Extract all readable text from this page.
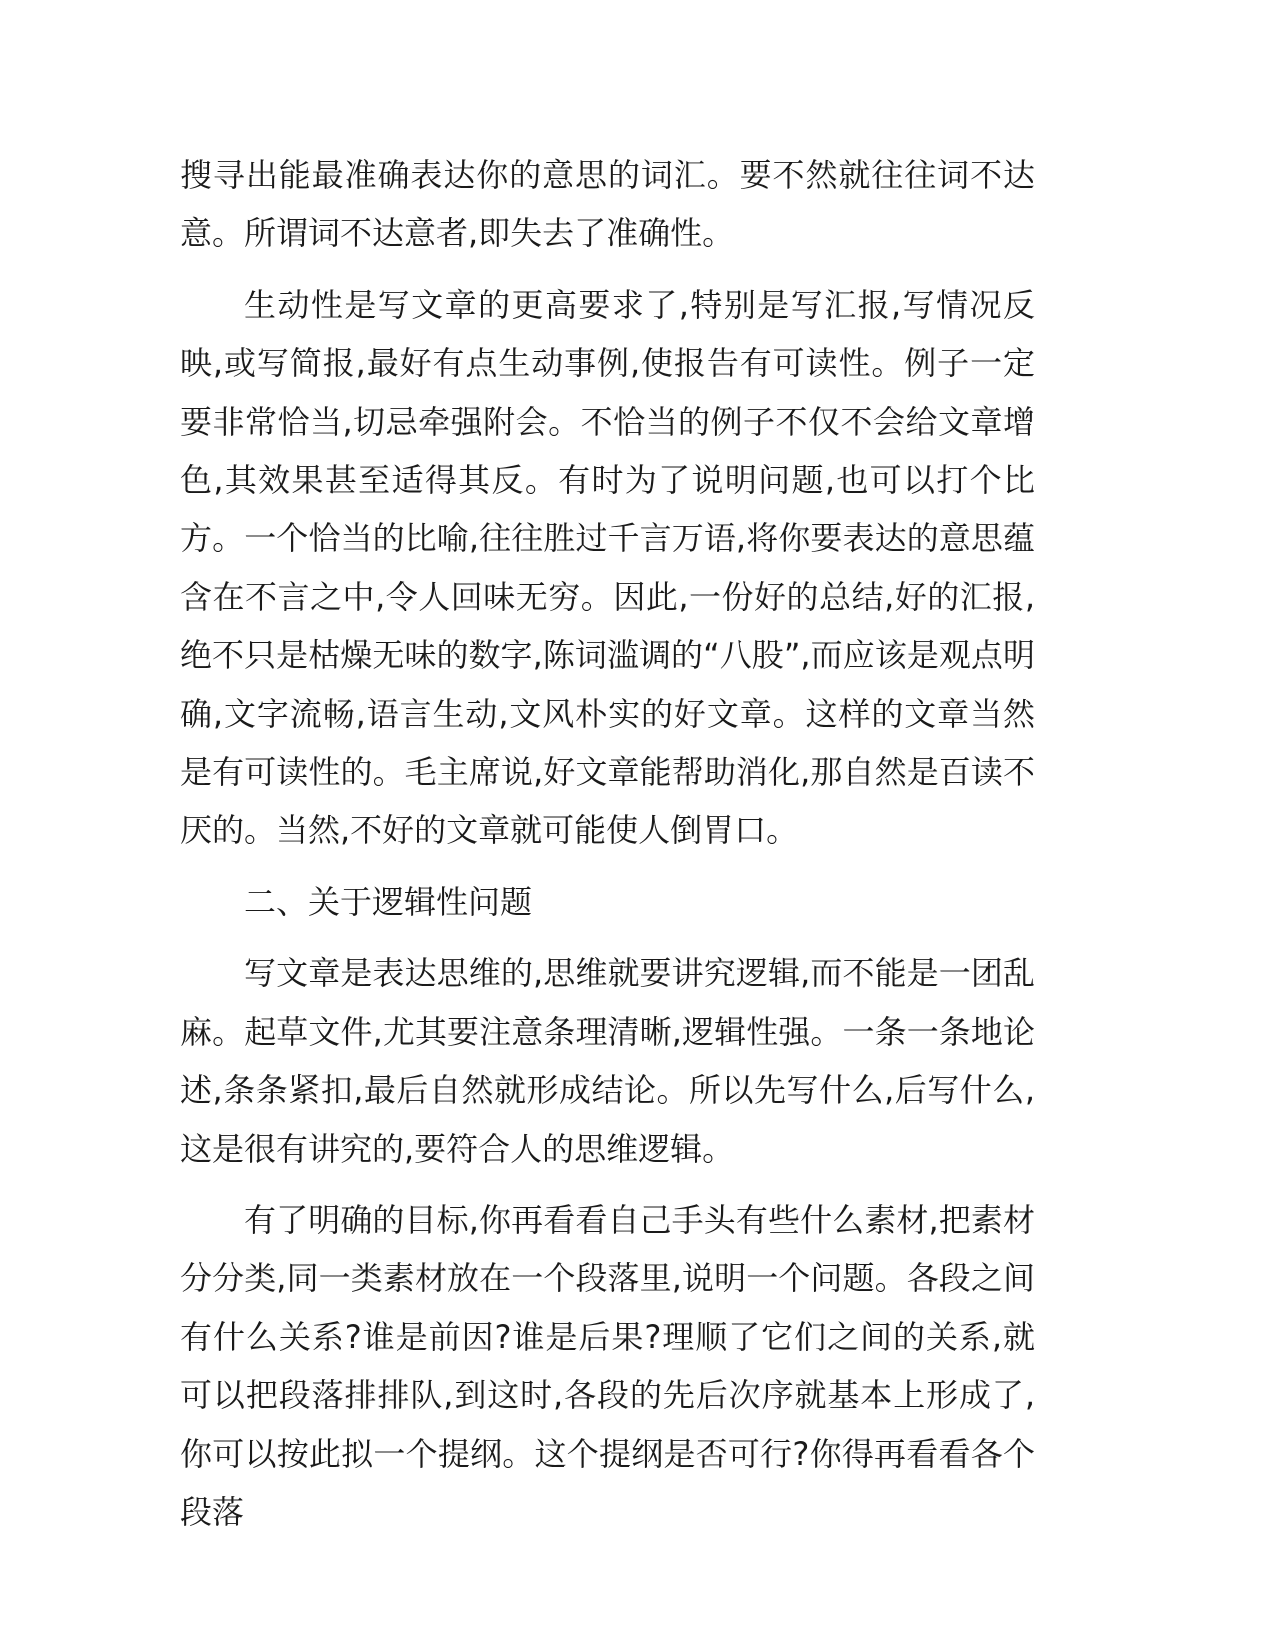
搜寻出能最准确表达你的意思的词汇。要不然就往往词不达意。所谓词不达意者,即失去了准确性。

生动性是写文章的更高要求了,特别是写汇报,写情况反映,或写简报,最好有点生动事例,使报告有可读性。例子一定要非常恰当,切忌牵强附会。不恰当的例子不仅不会给文章增色,其效果甚至适得其反。有时为了说明问题,也可以打个比方。一个恰当的比喻,往往胜过千言万语,将你要表达的意思蕴含在不言之中,令人回味无穷。因此,一份好的总结,好的汇报,绝不只是枯燥无味的数字,陈词滥调的“八股”,而应该是观点明确,文字流畅,语言生动,文风朴实的好文章。这样的文章当然是有可读性的。毛主席说,好文章能帮助消化,那自然是百读不厌的。当然,不好的文章就可能使人倒胃口。

二、关于逻辑性问题

写文章是表达思维的,思维就要讲究逻辑,而不能是一团乱麻。起草文件,尤其要注意条理清晰,逻辑性强。一条一条地论述,条条紧扣,最后自然就形成结论。所以先写什么,后写什么,这是很有讲究的,要符合人的思维逻辑。

有了明确的目标,你再看看自己手头有些什么素材,把素材分分类,同一类素材放在一个段落里,说明一个问题。各段之间有什么关系?谁是前因?谁是后果?理顺了它们之间的关系,就可以把段落排排队,到这时,各段的先后次序就基本上形成了,你可以按此拟一个提纲。这个提纲是否可行?你得再看看各个段落
